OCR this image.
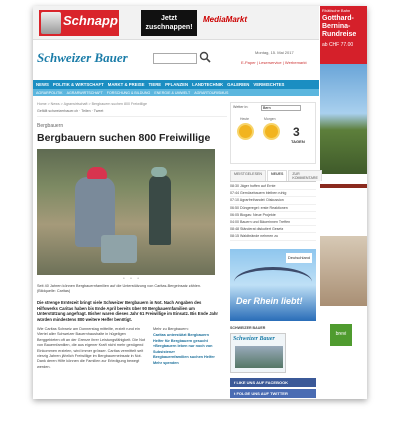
Schnapp	Jetzt zuschnappen!
MediaMarkt
Rhätische Bahn
Gotthard-Bernina-Rundreise
ab CHF 77.00
brevi
Schweizer Bauer	Montag, 15. Mai 2017
E-Paper | Leserservice | Werbemarkt
NEWS POLITIK & WIRTSCHAFT MARKT & PREISE TIERE PFLANZEN LANDTECHNIK GALERIEN VERMISCHTES
AGRARPOLITIK AGRARWIRTSCHAFT FORSCHUNG & BILDUNG ENERGIE & UMWELT AGRARTOURISMUS
Home > News > Agrarwirtschaft > Bergbauern suchen 800 Freiwillige
Gefällt schweizerbauer.ch · Teilen · Tweet
Bergbauern
Bergbauern suchen 800 Freiwillige
• • •
Seit 40 Jahren können Bergbauernfamilien auf die Unterstützung von Caritas-Bergeinsatz zählen. (Bildquelle: Caritas)
Die strenge Erntezeit bringt viele Schweizer Bergbauern in Not. Nach Angaben des Hilfswerks Caritas haben bis Ende April bereits über 90 Bergbauernfamilien um Unterstützung angefragt. Bisher waren dieses Jahr 61 Freiwillige im Einsatz. Bis Ende Jahr würden mindestens 800 weitere Helfer benötigt.
Wie Caritas Schweiz am Donnerstag mitteilte, erzielt rund ein Viertel aller Schweizer Bauernhaushalte in hügeligen Berggebieten oft an der Grenze ihrer Leistungsfähigkeit. Die Not von Bauernfamilien, die aus eigener Kraft nicht mehr genügend Einkommen erzielen, wird immer grösser. Caritas vermittelt seit vierzig Jahren jährlich Freiwillige im Bergbauerneinsatz in Not. Dank deren Hilfe können die Familien zur Erledigung bewegt werden.
Mehr zu Bergbauern:
Caritas unterstützt Bergbauern
Helfer für Bergbauern gesucht
«Bergbauern leben nur noch von Subsistenz»
Bergbauernfamilien suchen Helfer
Mehr spenden
Wetter in:	Bern
Heute	Morgen
3
TAGEN
MEISTGELESEN	NEUES	ZUR KOMMENTARE
08:30 Jäger hoffen auf Ernte
07:44 Gemüsebauern bleiben ruhig
07:10 Agrarfreihandel: Diskussion
06:50 Düngeregel: erste Reaktionen
06:05 Biogas: Neue Projekte
04:00 Bauern und Bäuerinnen Treffen
08:48 Ständerat diskutiert Gesetz
08:15 Waldbrände nehmen zu
Deutschland
Der Rhein liebt!
SCHWEIZER BAUER
Schweizer Bauer
f LIKE UNS AUF FACEBOOK
t FOLGE UNS AUF TWITTER
